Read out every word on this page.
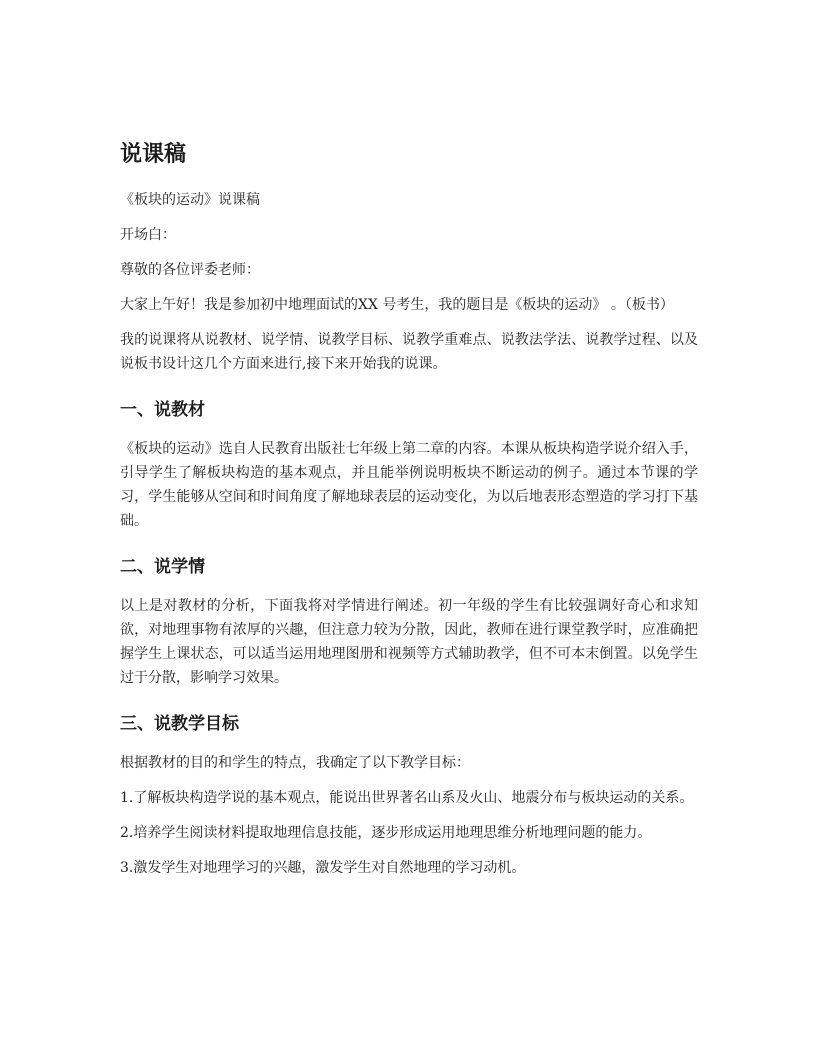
说课稿

《板块的运动》说课稿

开场白：

尊敬的各位评委老师：

大家上午好！我是参加初中地理面试的XX 号考生，我的题目是《板块的运动》 。（板书）

我的说课将从说教材、说学情、说教学目标、说教学重难点、说教法学法、说教学过程、以及说板书设计这几个方面来进行,接下来开始我的说课。

一、说教材

《板块的运动》选自人民教育出版社七年级上第二章的内容。本课从板块构造学说介绍入手，引导学生了解板块构造的基本观点，并且能举例说明板块不断运动的例子。通过本节课的学习，学生能够从空间和时间角度了解地球表层的运动变化，为以后地表形态塑造的学习打下基础。

二、说学情

以上是对教材的分析，下面我将对学情进行阐述。初一年级的学生有比较强调好奇心和求知欲，对地理事物有浓厚的兴趣，但注意力较为分散，因此，教师在进行课堂教学时，应准确把握学生上课状态，可以适当运用地理图册和视频等方式辅助教学，但不可本末倒置。以免学生过于分散，影响学习效果。

三、说教学目标

根据教材的目的和学生的特点，我确定了以下教学目标：

1.了解板块构造学说的基本观点，能说出世界著名山系及火山、地震分布与板块运动的关系。

2.培养学生阅读材料提取地理信息技能，逐步形成运用地理思维分析地理问题的能力。

3.激发学生对地理学习的兴趣，激发学生对自然地理的学习动机。
